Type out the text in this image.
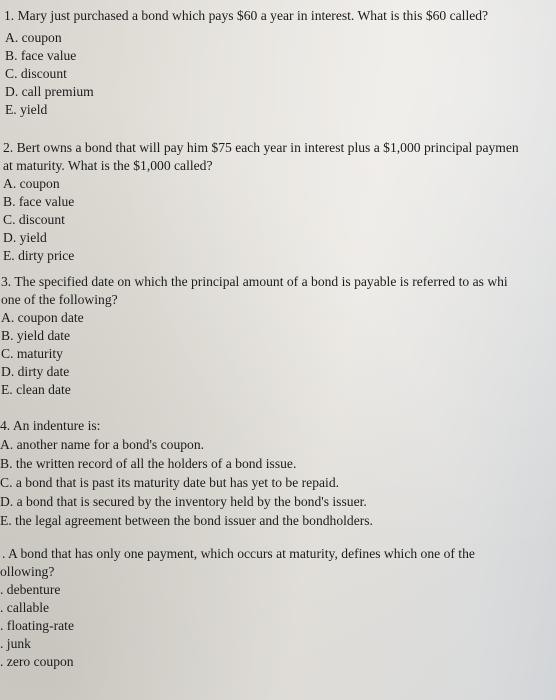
1. Mary just purchased a bond which pays $60 a year in interest. What is this $60 called?
A. coupon
B. face value
C. discount
D. call premium
E. yield
2. Bert owns a bond that will pay him $75 each year in interest plus a $1,000 principal paymen
at maturity. What is the $1,000 called?
A. coupon
B. face value
C. discount
D. yield
E. dirty price
3. The specified date on which the principal amount of a bond is payable is referred to as whi
one of the following?
A. coupon date
B. yield date
C. maturity
D. dirty date
E. clean date
4. An indenture is:
A. another name for a bond's coupon.
B. the written record of all the holders of a bond issue.
C. a bond that is past its maturity date but has yet to be repaid.
D. a bond that is secured by the inventory held by the bond's issuer.
E. the legal agreement between the bond issuer and the bondholders.
. A bond that has only one payment, which occurs at maturity, defines which one of the
ollowing?
. debenture
. callable
. floating-rate
. junk
. zero coupon
